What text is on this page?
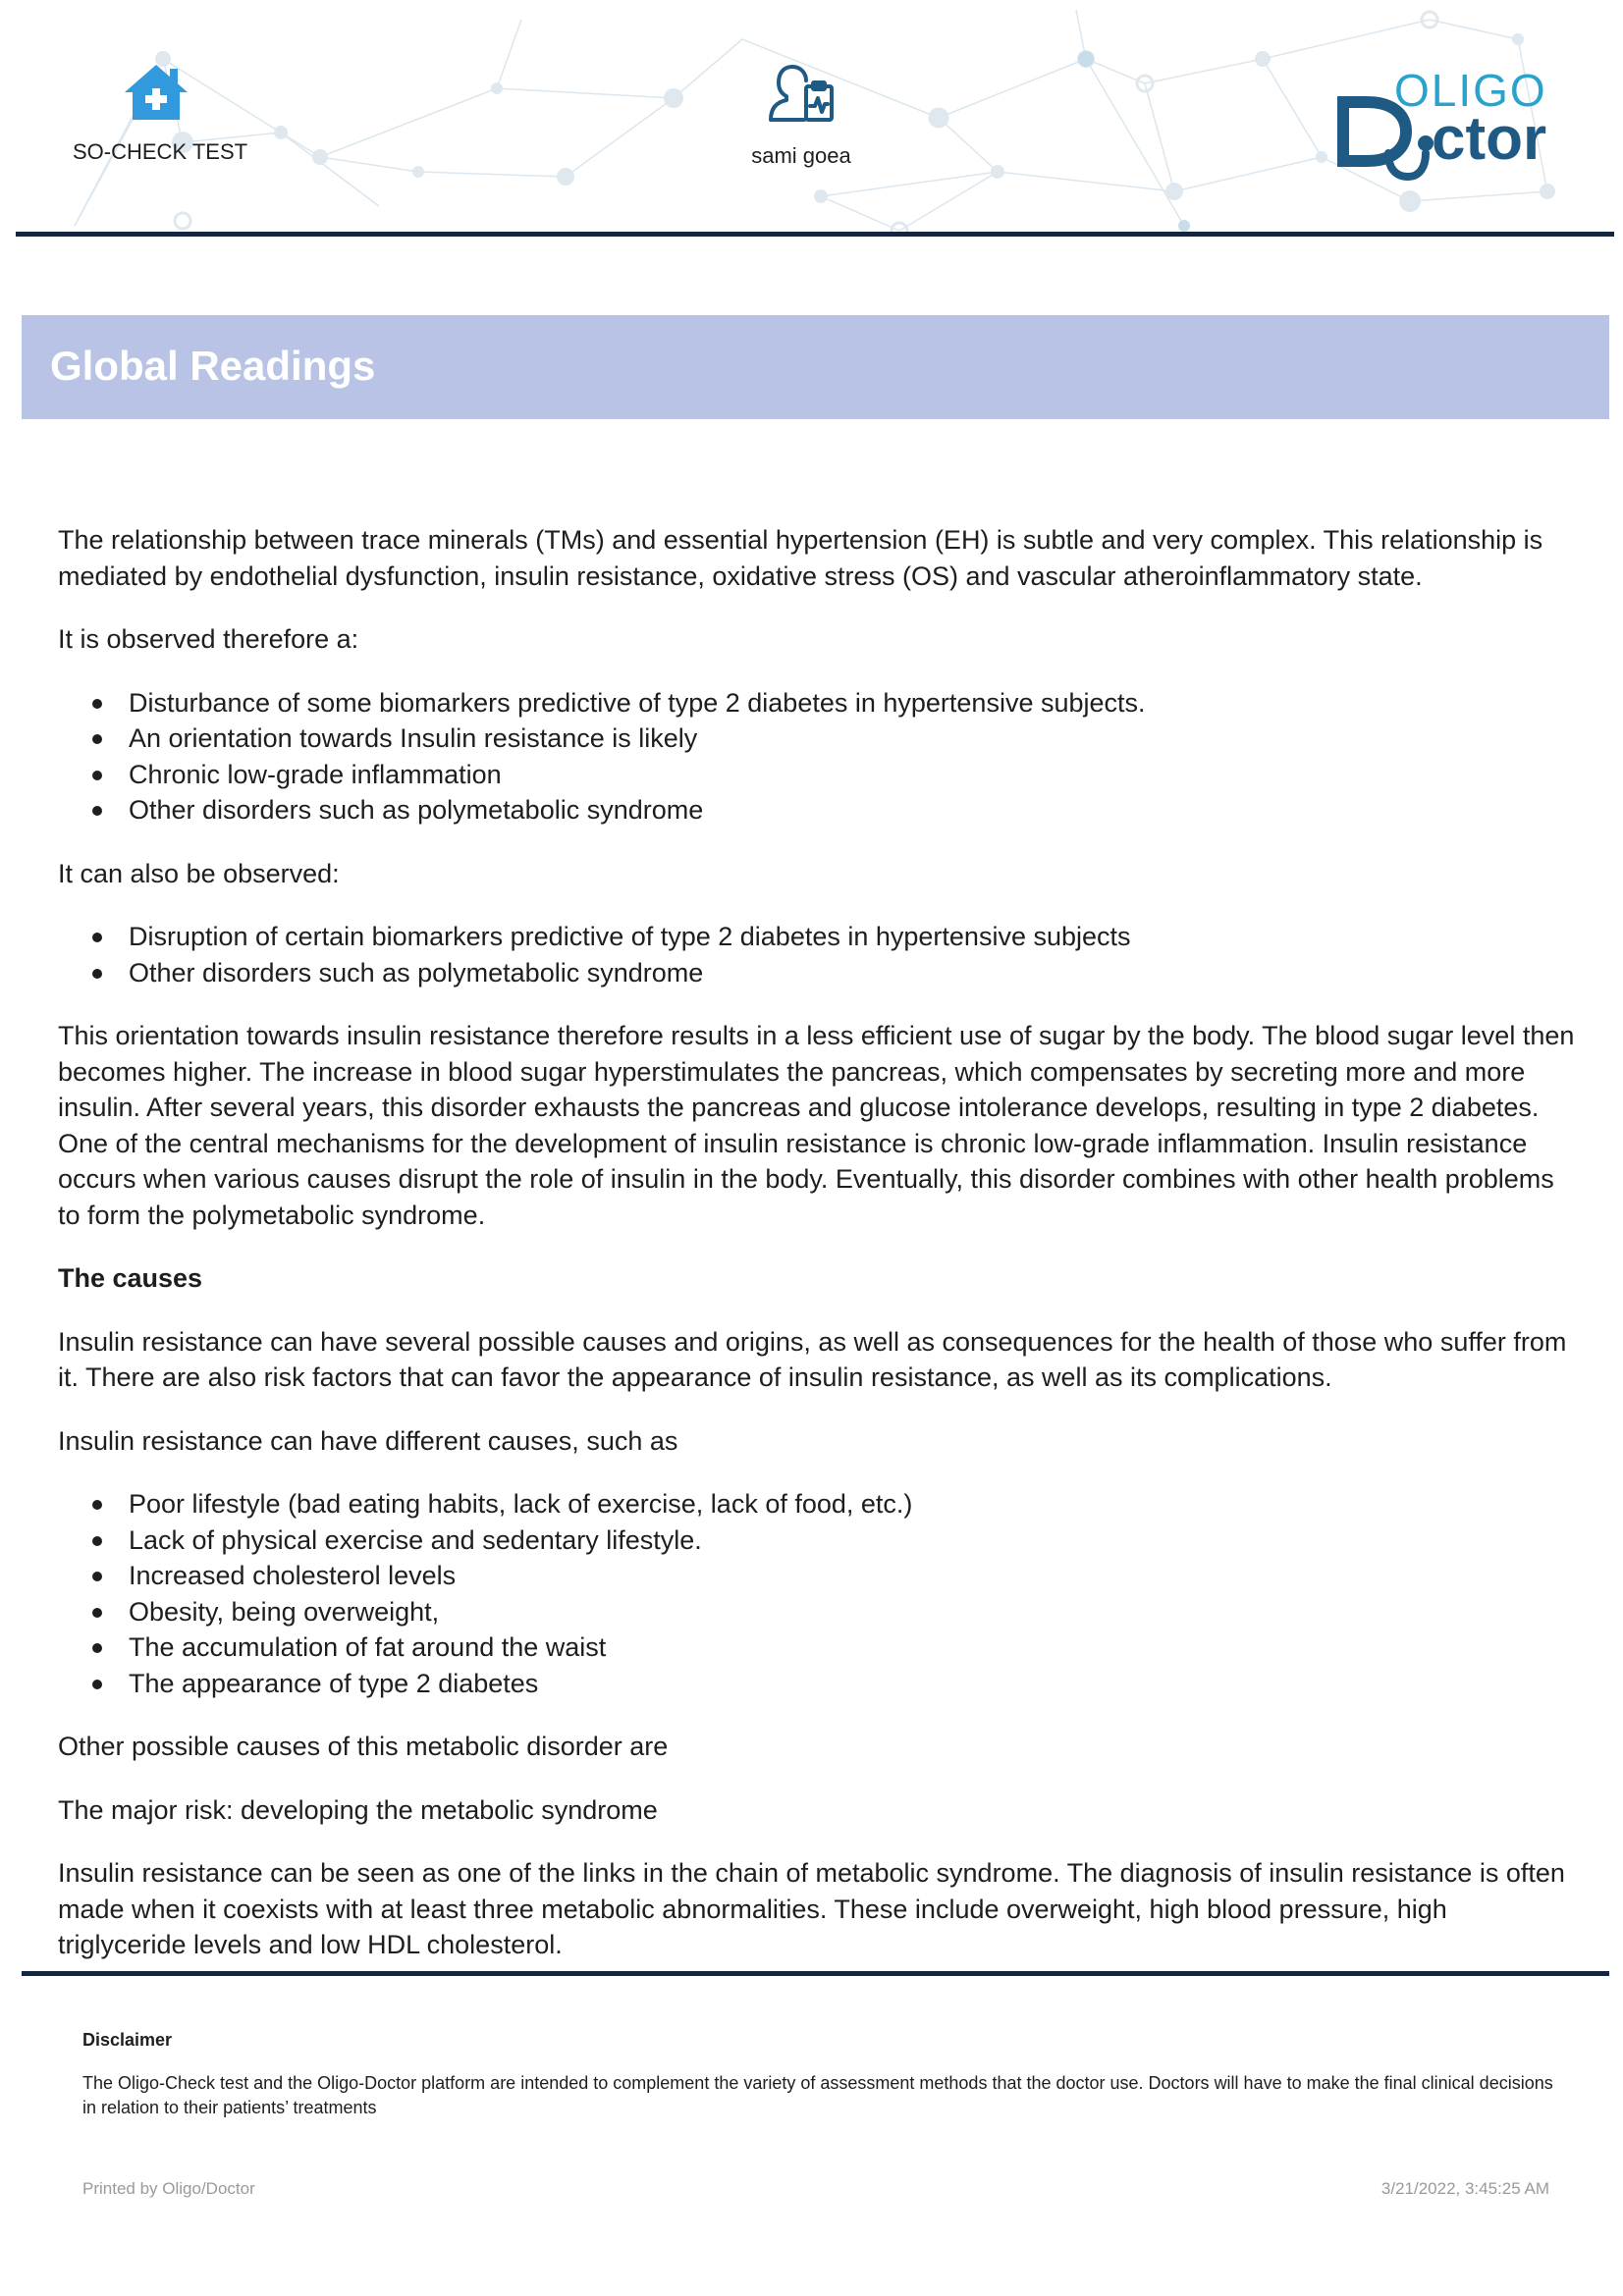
SO-CHECK TEST	sami goea
OLIGO
ctor
Global Readings

The relationship between trace minerals (TMs) and essential hypertension (EH) is subtle and very complex. This relationship is mediated by endothelial dysfunction, insulin resistance, oxidative stress (OS) and vascular atheroinflammatory state.

It is observed therefore a:

Disturbance of some biomarkers predictive of type 2 diabetes in hypertensive subjects.
An orientation towards Insulin resistance is likely
Chronic low-grade inflammation
Other disorders such as polymetabolic syndrome

It can also be observed:

Disruption of certain biomarkers predictive of type 2 diabetes in hypertensive subjects
Other disorders such as polymetabolic syndrome

This orientation towards insulin resistance therefore results in a less efficient use of sugar by the body. The blood sugar level then becomes higher. The increase in blood sugar hyperstimulates the pancreas, which compensates by secreting more and more insulin. After several years, this disorder exhausts the pancreas and glucose intolerance develops, resulting in type 2 diabetes. One of the central mechanisms for the development of insulin resistance is chronic low-grade inflammation. Insulin resistance occurs when various causes disrupt the role of insulin in the body. Eventually, this disorder combines with other health problems to form the polymetabolic syndrome.

The causes

Insulin resistance can have several possible causes and origins, as well as consequences for the health of those who suffer from it. There are also risk factors that can favor the appearance of insulin resistance, as well as its complications.

Insulin resistance can have different causes, such as

Poor lifestyle (bad eating habits, lack of exercise, lack of food, etc.)
Lack of physical exercise and sedentary lifestyle.
Increased cholesterol levels
Obesity, being overweight,
The accumulation of fat around the waist
The appearance of type 2 diabetes

Other possible causes of this metabolic disorder are

The major risk: developing the metabolic syndrome

Insulin resistance can be seen as one of the links in the chain of metabolic syndrome. The diagnosis of insulin resistance is often made when it coexists with at least three metabolic abnormalities. These include overweight, high blood pressure, high triglyceride levels and low HDL cholesterol.

Disclaimer
The Oligo-Check test and the Oligo-Doctor platform are intended to complement the variety of assessment methods that the doctor use. Doctors will have to make the final clinical decisions in relation to their patients’ treatments
Printed by Oligo/Doctor	3/21/2022, 3:45:25 AM
